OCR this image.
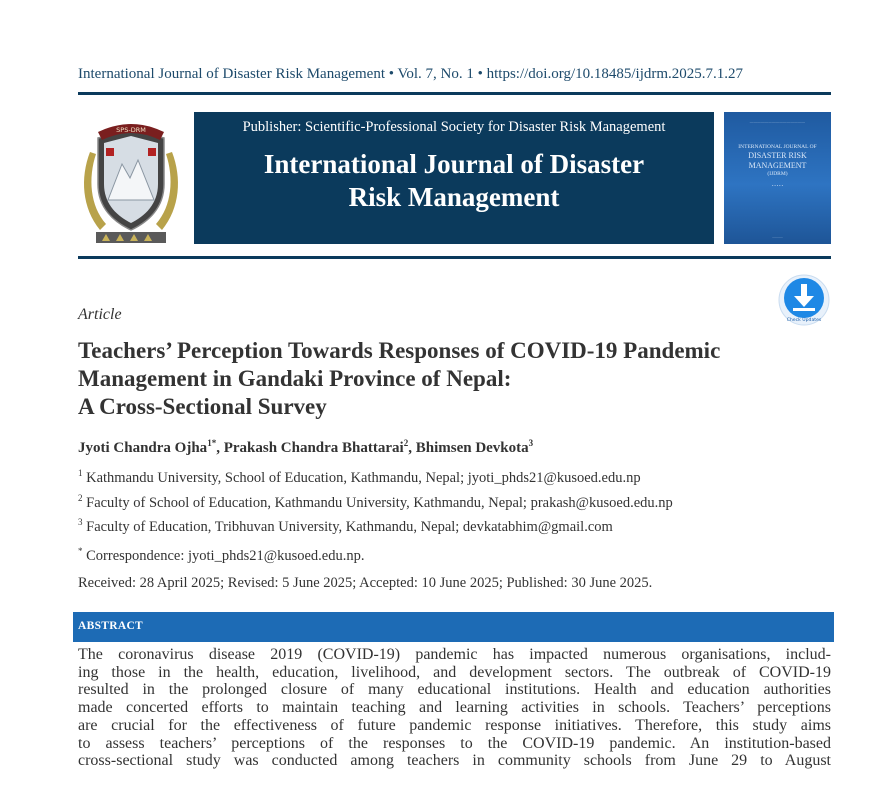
International Journal of Disaster Risk Management • Vol. 7, No. 1 • https://doi.org/10.18485/ijdrm.2025.7.1.27
SPS-DRM	Publisher: Scientific-Professional Society for Disaster Risk Management
International Journal of Disaster
Risk Management
———————————————
INTERNATIONAL JOURNAL OF
DISASTER RISK
MANAGEMENT
(IJDRM)
• • • • •
———
Check Updates
Article
Teachers’ Perception Towards Responses of COVID-19 Pandemic
Management in Gandaki Province of Nepal:
A Cross-Sectional Survey
Jyoti Chandra Ojha$^{1*}$, Prakash Chandra Bhattarai$^2$, Bhimsen Devkota$^3$
$^1$ Kathmandu University, School of Education, Kathmandu, Nepal; jyoti_phds21@kusoed.edu.np
$^2$ Faculty of School of Education, Kathmandu University, Kathmandu, Nepal; prakash@kusoed.edu.np
$^3$ Faculty of Education, Tribhuvan University, Kathmandu, Nepal; devkatabhim@gmail.com
* Correspondence: jyoti_phds21@kusoed.edu.np.
Received: 28 April 2025; Revised: 5 June 2025; Accepted: 10 June 2025; Published: 30 June 2025.
ABSTRACT
The coronavirus disease 2019 (COVID-19) pandemic has impacted numerous organisations, includ-
ing those in the health, education, livelihood, and development sectors. The outbreak of COVID-19
resulted in the prolonged closure of many educational institutions. Health and education authorities
made concerted efforts to maintain teaching and learning activities in schools. Teachers’ perceptions
are crucial for the effectiveness of future pandemic response initiatives. Therefore, this study aims
to assess teachers’ perceptions of the responses to the COVID-19 pandemic. An institution-based
cross-sectional study was conducted among teachers in community schools from June 29 to August
